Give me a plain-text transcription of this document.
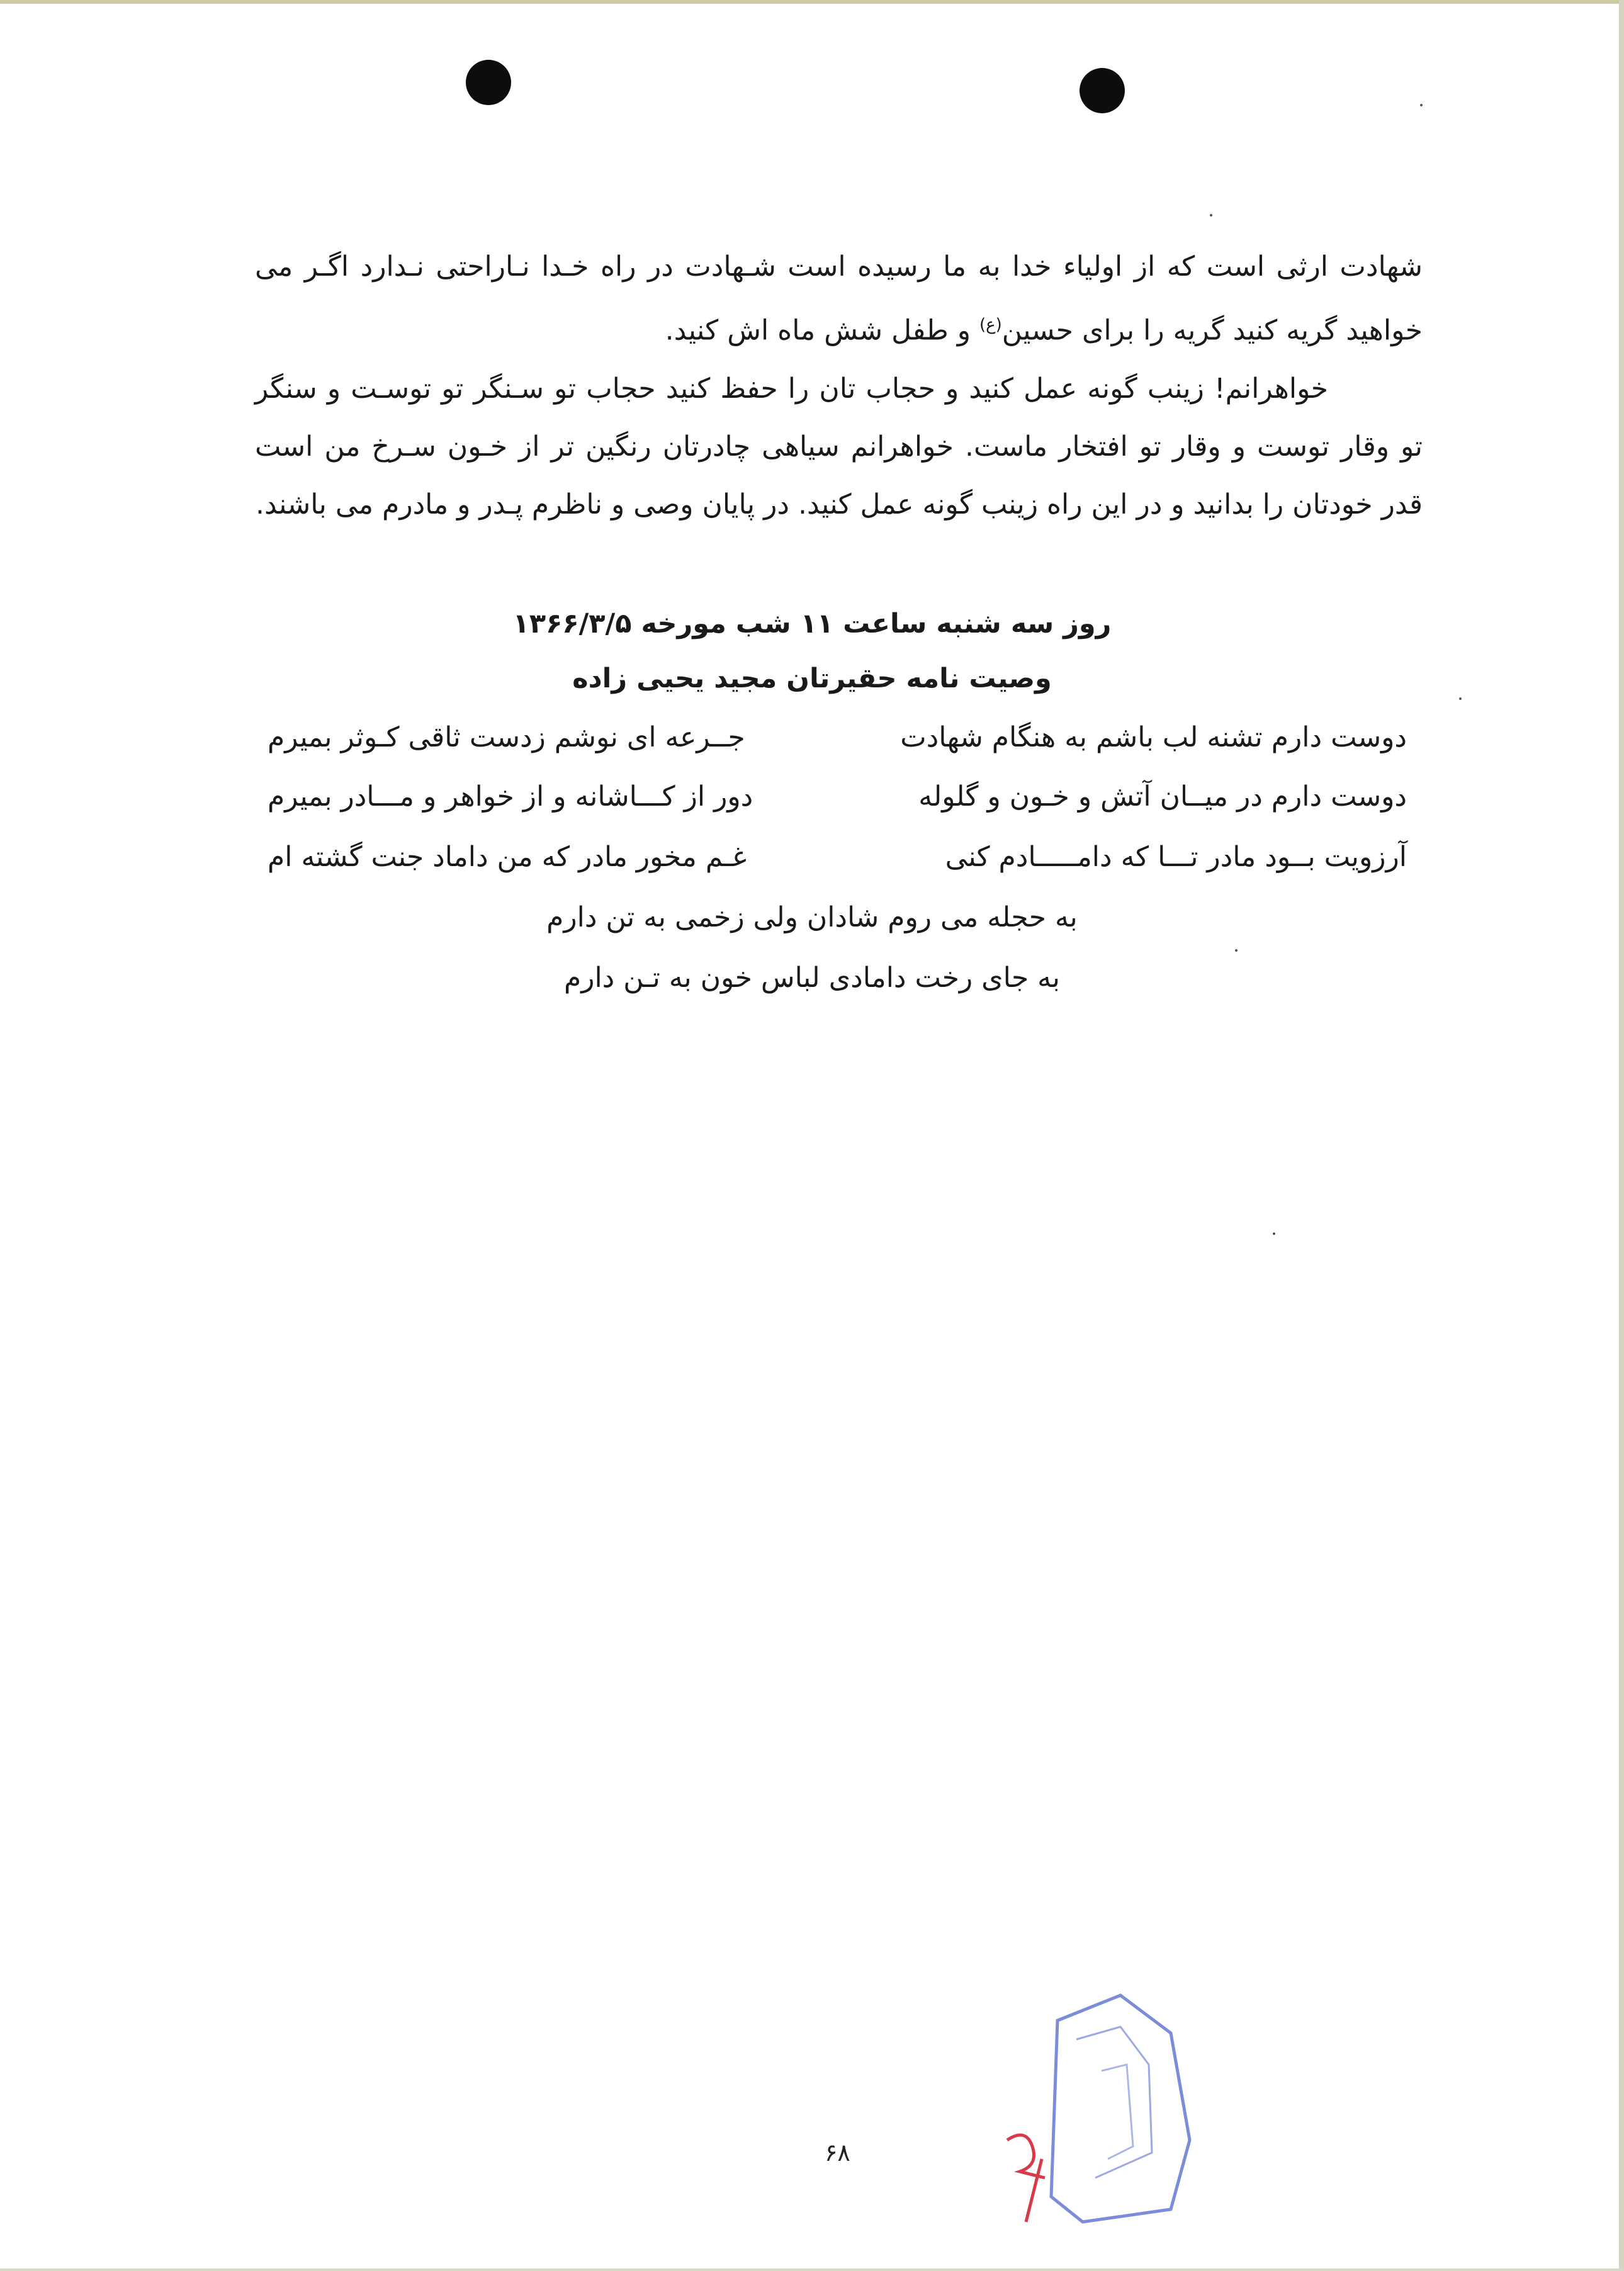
شهادت ارثی است که از اولیاء خدا به ما رسیده است شـهادت در راه خـدا نـاراحتی نـدارد اگـر می خواهید گریه کنید گریه را برای حسین$^{(ع)}$ و طفل شش ماه اش کنید.

خواهرانم! زینب گونه عمل کنید و حجاب تان را حفظ کنید حجاب تو سـنگر تو توسـت و سنگر تو وقار توست و وقار تو افتخار ماست. خواهرانم سیاهی چادرتان رنگین تر از خـون سـرخ من است قدر خودتان را بدانید و در این راه زینب گونه عمل کنید. در پایان وصی و ناظرم پـدر و مادرم می باشند.

روز سه شنبه ساعت ۱۱ شب مورخه ۱۳۶۶/۳/۵

وصیت نامه حقیرتان مجید یحیی زاده

دوست دارم تشنه لب باشم به هنگام شهادت

جــرعه ای نوشم زدست ثاقی کـوثر بمیرم

دوست دارم در میــان آتش و خـون و گلوله

دور از کـــاشانه و از خواهر و مـــادر بمیرم

آرزویت بــود مادر تـــا که دامـــــادم کنی

غـم مخور مادر که من داماد جنت گشته ام

به حجله می روم شادان ولی زخمی به تن دارم

به جای رخت دامادی لباس خون به تـن دارم

۶۸
